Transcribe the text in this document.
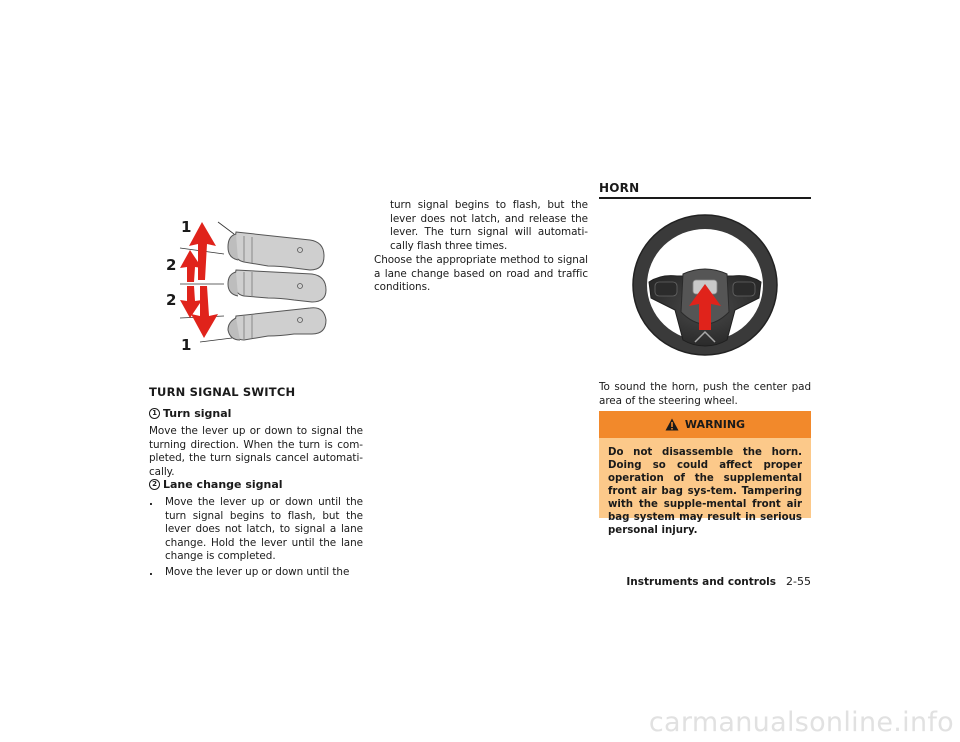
1
2
2
1
TURN SIGNAL SWITCH
1 Turn signal

Move the lever up or down to signal the turning direction. When the turn is com-pleted, the turn signals cancel automati-cally.

2 Lane change signal
.	Move the lever up or down until the turn signal begins to flash, but the lever does not latch, to signal a lane change. Hold the lever until the lane change is completed.
.	Move the lever up or down until the

turn signal begins to flash, but the lever does not latch, and release the lever. The turn signal will automati-cally flash three times.

Choose the appropriate method to signal a lane change based on road and traffic conditions.

HORN

To sound the horn, push the center pad area of the steering wheel.

WARNING

Do not disassemble the horn. Doing so could affect proper operation of the supplemental front air bag sys-tem. Tampering with the supple-mental front air bag system may result in serious personal injury.

Instruments and controls 2-55
carmanualsonline.info
